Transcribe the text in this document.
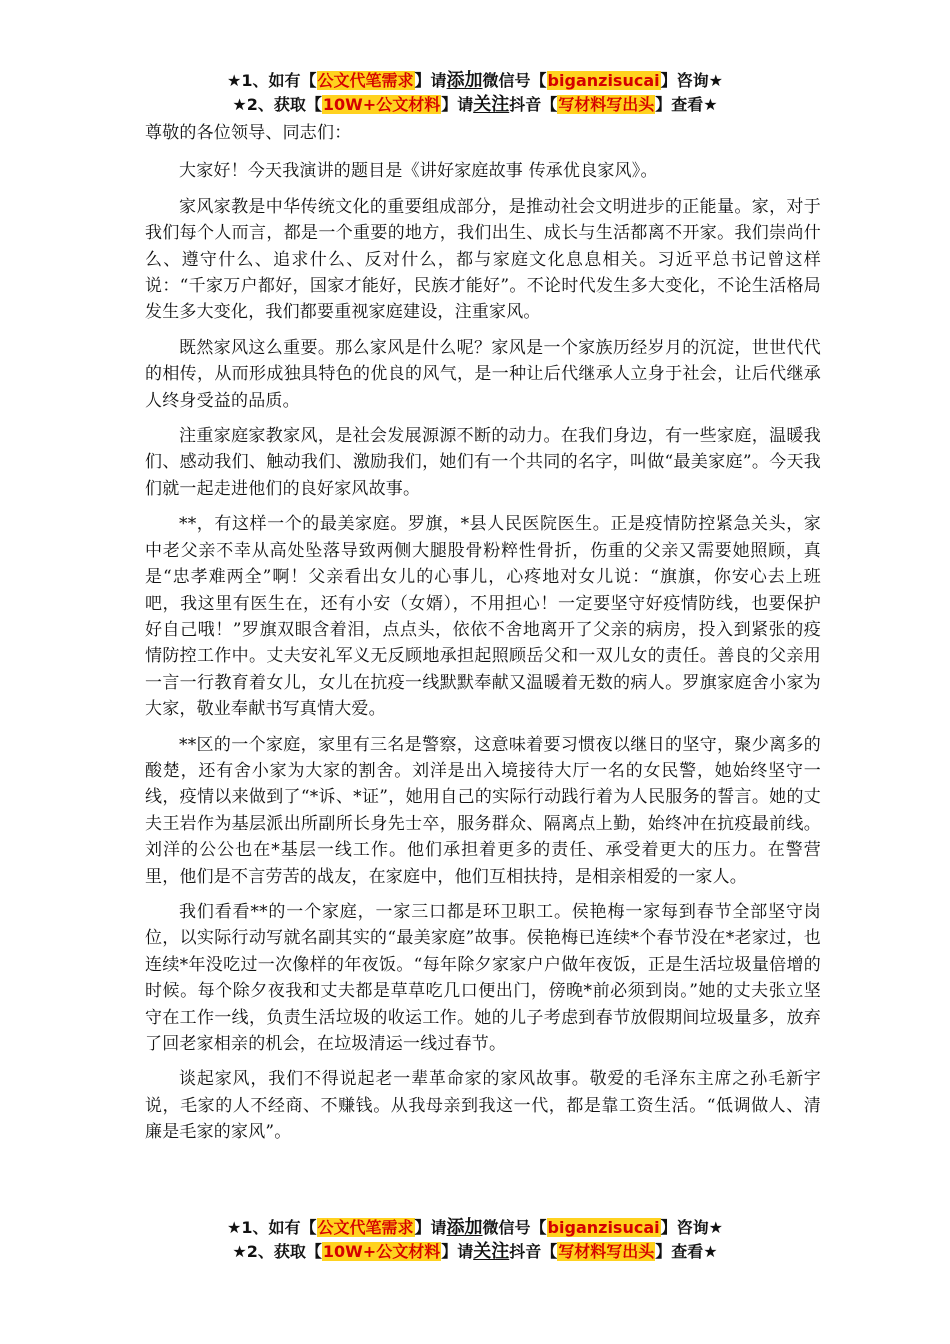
★1、如有【公文代笔需求】请添加微信号【biganzisucai】咨询★
★2、获取【10W+公文材料】请关注抖音【写材料写出头】查看★

尊敬的各位领导、同志们：

大家好！今天我演讲的题目是《讲好家庭故事 传承优良家风》。

家风家教是中华传统文化的重要组成部分，是推动社会文明进步的正能量。家，对于我们每个人而言，都是一个重要的地方，我们出生、成长与生活都离不开家。我们崇尚什么、遵守什么、追求什么、反对什么，都与家庭文化息息相关。习近平总书记曾这样说：“千家万户都好，国家才能好，民族才能好”。不论时代发生多大变化，不论生活格局发生多大变化，我们都要重视家庭建设，注重家风。

既然家风这么重要。那么家风是什么呢？家风是一个家族历经岁月的沉淀，世世代代的相传，从而形成独具特色的优良的风气，是一种让后代继承人立身于社会，让后代继承人终身受益的品质。

注重家庭家教家风，是社会发展源源不断的动力。在我们身边，有一些家庭，温暖我们、感动我们、触动我们、激励我们，她们有一个共同的名字，叫做“最美家庭”。今天我们就一起走进他们的良好家风故事。

**，有这样一个的最美家庭。罗旗，*县人民医院医生。正是疫情防控紧急关头，家中老父亲不幸从高处坠落导致两侧大腿股骨粉粹性骨折，伤重的父亲又需要她照顾，真是“忠孝难两全”啊！父亲看出女儿的心事儿，心疼地对女儿说：“旗旗，你安心去上班吧，我这里有医生在，还有小安（女婿），不用担心！一定要坚守好疫情防线，也要保护好自己哦！”罗旗双眼含着泪，点点头，依依不舍地离开了父亲的病房，投入到紧张的疫情防控工作中。丈夫安礼军义无反顾地承担起照顾岳父和一双儿女的责任。善良的父亲用一言一行教育着女儿，女儿在抗疫一线默默奉献又温暖着无数的病人。罗旗家庭舍小家为大家，敬业奉献书写真情大爱。

**区的一个家庭，家里有三名是警察，这意味着要习惯夜以继日的坚守，聚少离多的酸楚，还有舍小家为大家的割舍。刘洋是出入境接待大厅一名的女民警，她始终坚守一线，疫情以来做到了“*诉、*证”，她用自己的实际行动践行着为人民服务的誓言。她的丈夫王岩作为基层派出所副所长身先士卒，服务群众、隔离点上勤，始终冲在抗疫最前线。刘洋的公公也在*基层一线工作。他们承担着更多的责任、承受着更大的压力。在警营里，他们是不言劳苦的战友，在家庭中，他们互相扶持，是相亲相爱的一家人。

我们看看**的一个家庭，一家三口都是环卫职工。侯艳梅一家每到春节全部坚守岗位，以实际行动写就名副其实的“最美家庭”故事。侯艳梅已连续*个春节没在*老家过，也连续*年没吃过一次像样的年夜饭。“每年除夕家家户户做年夜饭，正是生活垃圾量倍增的时候。每个除夕夜我和丈夫都是草草吃几口便出门，傍晚*前必须到岗。”她的丈夫张立坚守在工作一线，负责生活垃圾的收运工作。她的儿子考虑到春节放假期间垃圾量多，放弃了回老家相亲的机会，在垃圾清运一线过春节。

谈起家风，我们不得说起老一辈革命家的家风故事。敬爱的毛泽东主席之孙毛新宇说，毛家的人不经商、不赚钱。从我母亲到我这一代，都是靠工资生活。“低调做人、清廉是毛家的家风”。

★1、如有【公文代笔需求】请添加微信号【biganzisucai】咨询★
★2、获取【10W+公文材料】请关注抖音【写材料写出头】查看★
